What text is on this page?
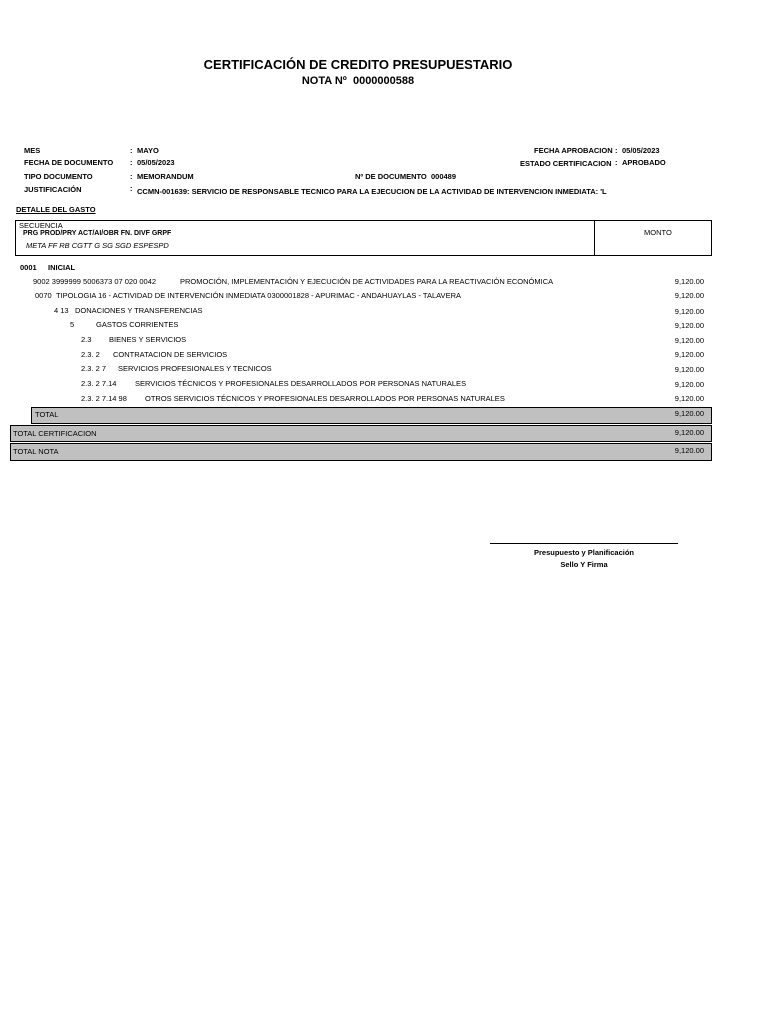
CERTIFICACIÓN DE CREDITO PRESUPUESTARIO
NOTA Nº 0000000588
MES	: MAYO
FECHA DE DOCUMENTO : 05/05/2023
TIPO DOCUMENTO	: MEMORANDUM	Nº DE DOCUMENTO 000489
JUSTIFICACIÓN	: CCMN-001639: SERVICIO DE RESPONSABLE TECNICO PARA LA EJECUCION DE LA ACTIVIDAD DE INTERVENCION INMEDIATA: 'L
FECHA APROBACION : 05/05/2023
ESTADO CERTIFICACION : APROBADO
DETALLE DEL GASTO
SECUENCIA
PRG PROD/PRY ACT/AI/OBR FN. DIVF GRPF
META FF RB CGTT G SG SGD ESPESPD
MONTO
0001 INICIAL
9002 3999999 5006373 07 020 0042	PROMOCIÓN, IMPLEMENTACIÓN Y EJECUCIÓN DE ACTIVIDADES PARA LA REACTIVACIÓN ECONÓMICA	9,120.00
0070 TIPOLOGIA 16 - ACTIVIDAD DE INTERVENCIÓN INMEDIATA 0300001828 - APURIMAC - ANDAHUAYLAS - TALAVERA	9,120.00
4 13 DONACIONES Y TRANSFERENCIAS	9,120.00
5	GASTOS CORRIENTES	9,120.00
2.3 BIENES Y SERVICIOS	9,120.00
2.3. 2 CONTRATACION DE SERVICIOS	9,120.00
2.3. 2 7 SERVICIOS PROFESIONALES Y TECNICOS	9,120.00
2.3. 2 7.14 SERVICIOS TÉCNICOS Y PROFESIONALES DESARROLLADOS POR PERSONAS NATURALES	9,120.00
2.3. 2 7.14 98 OTROS SERVICIOS TÉCNICOS Y PROFESIONALES DESARROLLADOS POR PERSONAS NATURALES	9,120.00
TOTAL	9,120.00
TOTAL CERTIFICACION	9,120.00
TOTAL NOTA	9,120.00
Presupuesto y Planificación
Sello Y Firma
